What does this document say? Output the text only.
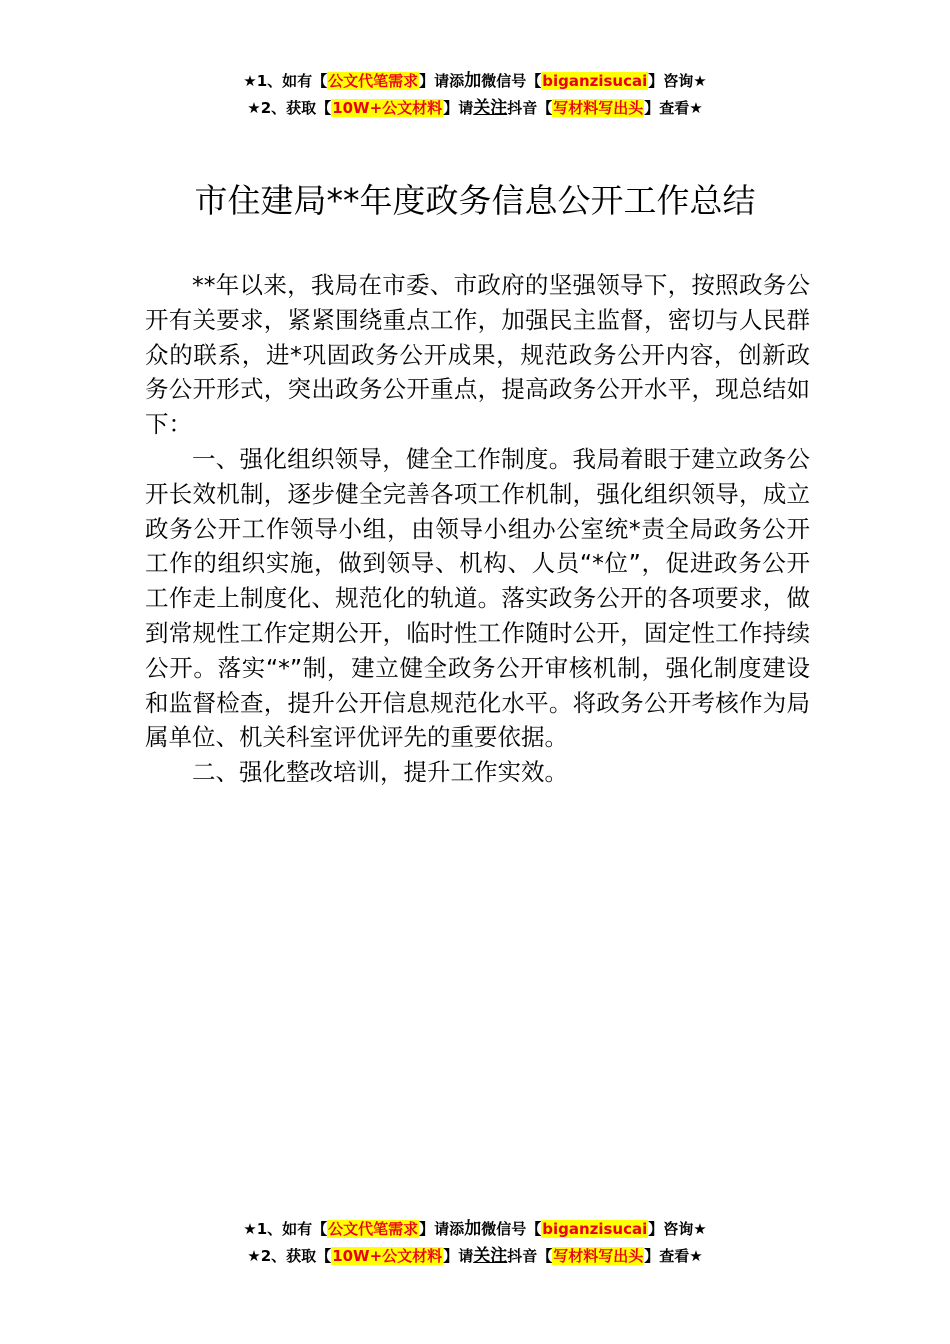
★1、如有【公文代笔需求】请添加微信号【biganzisucai】咨询★
★2、获取【10W+公文材料】请关注抖音【写材料写出头】查看★
市住建局**年度政务信息公开工作总结

**年以来，我局在市委、市政府的坚强领导下，按照政务公开有关要求，紧紧围绕重点工作，加强民主监督，密切与人民群众的联系，进*巩固政务公开成果，规范政务公开内容，创新政务公开形式，突出政务公开重点，提高政务公开水平，现总结如下：

一、强化组织领导，健全工作制度。我局着眼于建立政务公开长效机制，逐步健全完善各项工作机制，强化组织领导，成立政务公开工作领导小组，由领导小组办公室统*责全局政务公开工作的组织实施，做到领导、机构、人员“*位”，促进政务公开工作走上制度化、规范化的轨道。落实政务公开的各项要求，做到常规性工作定期公开，临时性工作随时公开，固定性工作持续公开。落实“*”制，建立健全政务公开审核机制，强化制度建设和监督检查，提升公开信息规范化水平。将政务公开考核作为局属单位、机关科室评优评先的重要依据。

二、强化整改培训，提升工作实效。

★1、如有【公文代笔需求】请添加微信号【biganzisucai】咨询★
★2、获取【10W+公文材料】请关注抖音【写材料写出头】查看★
